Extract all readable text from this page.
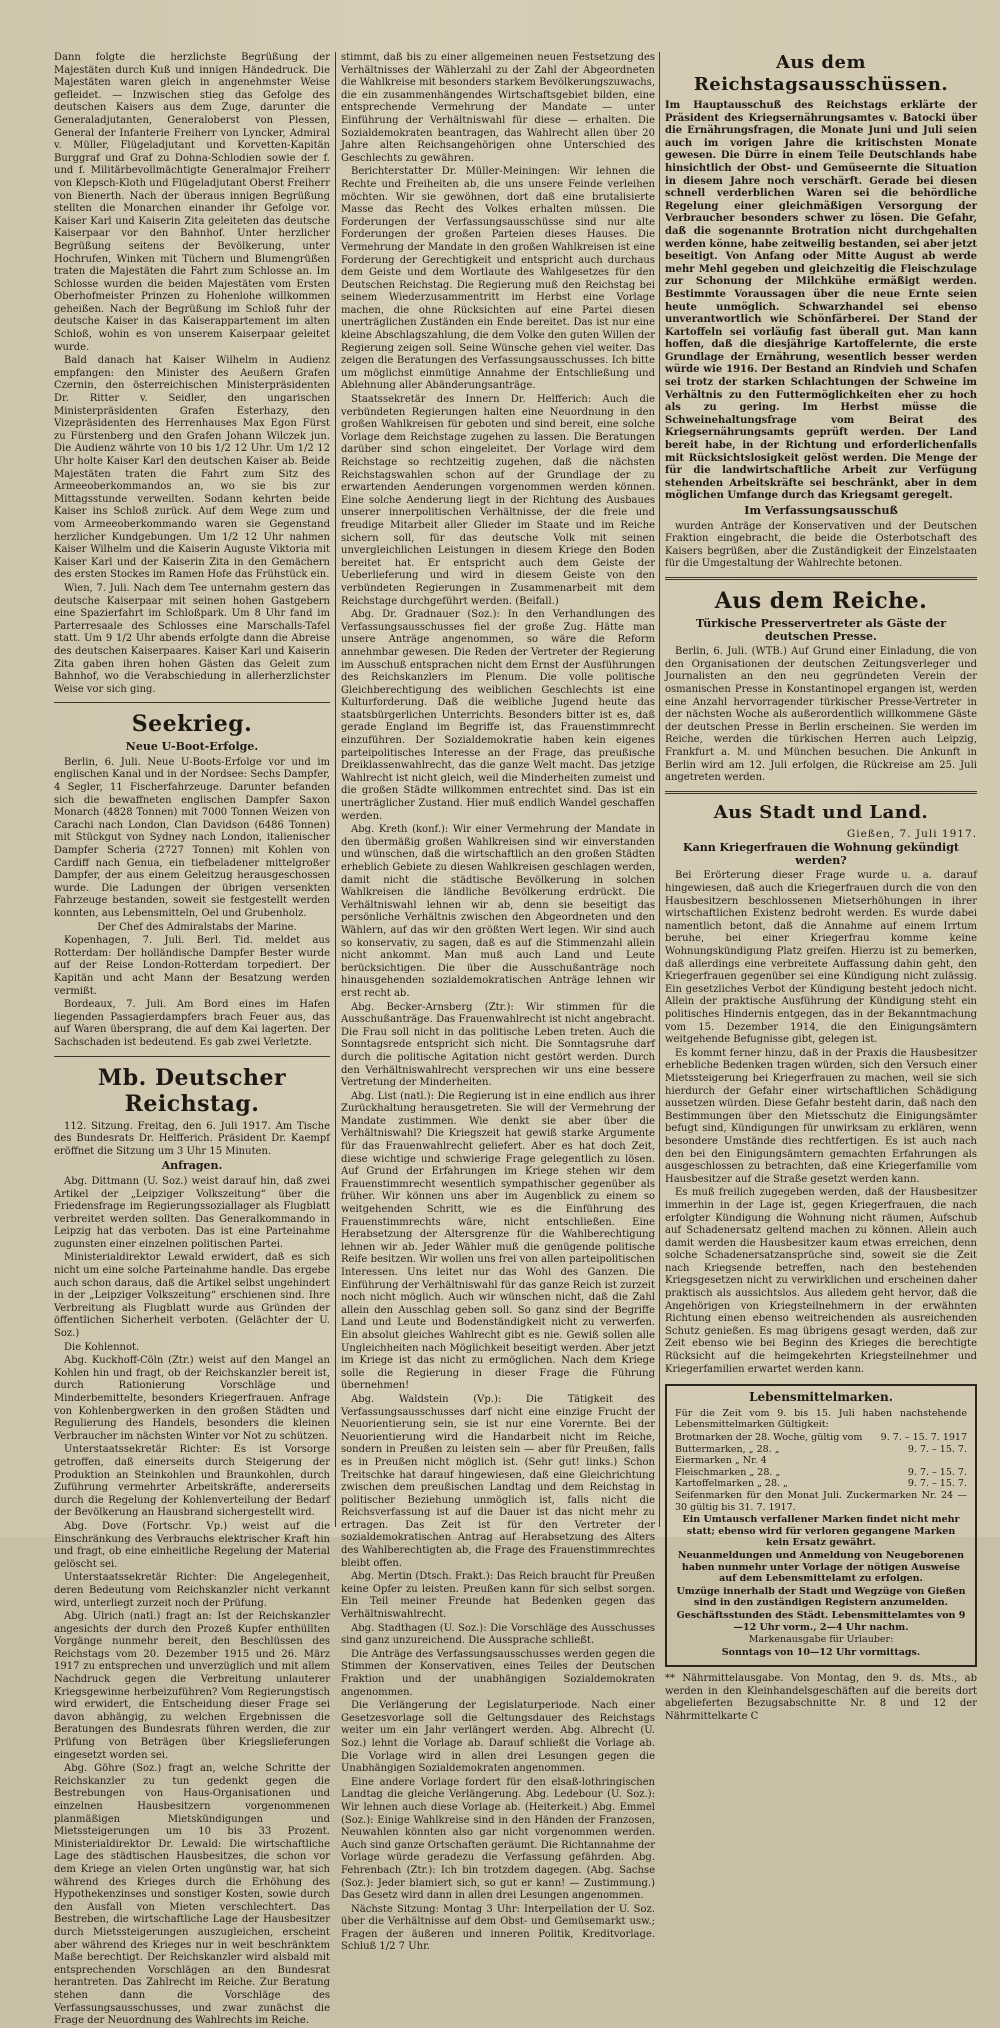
Dann folgte die herzlichste Begrüßung der Majestäten durch Kuß und innigen Händedruck. Die Majestäten waren gleich in angenehmster Weise gefleidet. — Inzwischen stieg das Gefolge des deutschen Kaisers aus dem Zuge, darunter die Generaladjutanten, Generaloberst von Plessen, General der Infanterie Freiherr von Lyncker, Admiral v. Müller, Flügeladjutant und Korvetten-Kapitän Burggraf und Graf zu Dohna-Schlodien sowie der f. und f. Militärbevollmächtigte Generalmajor Freiherr von Klepsch-Kloth und Flügeladjutant Oberst Freiherr von Bienerth. Nach der überaus innigen Begrüßung stellten die Monarchen einander ihr Gefolge vor. Kaiser Karl und Kaiserin Zita geleiteten das deutsche Kaiserpaar vor den Bahnhof. Unter herzlicher Begrüßung seitens der Bevölkerung, unter Hochrufen, Winken mit Tüchern und Blumengrüßen traten die Majestäten die Fahrt zum Schlosse an. Im Schlosse wurden die beiden Majestäten vom Ersten Oberhofmeister Prinzen zu Hohenlohe willkommen geheißen. Nach der Begrüßung im Schloß fuhr der deutsche Kaiser in das Kaiserappartement im alten Schloß, wohin es von unserem Kaiserpaar geleitet wurde.

Bald danach hat Kaiser Wilhelm in Audienz empfangen: den Minister des Aeußern Grafen Czernin, den österreichischen Ministerpräsidenten Dr. Ritter v. Seidler, den ungarischen Ministerpräsidenten Grafen Esterhazy, den Vizepräsidenten des Herrenhauses Max Egon Fürst zu Fürstenberg und den Grafen Johann Wilczek jun. Die Audienz währte von 10 bis 1/2 12 Uhr. Um 1/2 12 Uhr holte Kaiser Karl den deutschen Kaiser ab. Beide Majestäten traten die Fahrt zum Sitz des Armeeoberkommandos an, wo sie bis zur Mittagsstunde verweilten. Sodann kehrten beide Kaiser ins Schloß zurück. Auf dem Wege zum und vom Armeeoberkommando waren sie Gegenstand herzlicher Kundgebungen. Um 1/2 12 Uhr nahmen Kaiser Wilhelm und die Kaiserin Auguste Viktoria mit Kaiser Karl und der Kaiserin Zita in den Gemächern des ersten Stockes im Ramen Hofe das Frühstück ein.

Wien, 7. Juli. Nach dem Tee unternahm gestern das deutsche Kaiserpaar mit seinen hohen Gastgebern eine Spazierfahrt im Schloßpark. Um 8 Uhr fand im Parterresaale des Schlosses eine Marschalls-Tafel statt. Um 9 1/2 Uhr abends erfolgte dann die Abreise des deutschen Kaiserpaares. Kaiser Karl und Kaiserin Zita gaben ihren hohen Gästen das Geleit zum Bahnhof, wo die Verabschiedung in allerherzlichster Weise vor sich ging.

Seekrieg.
Neue U-Boot-Erfolge.

Berlin, 6. Juli. Neue U-Boots-Erfolge vor und im englischen Kanal und in der Nordsee: Sechs Dampfer, 4 Segler, 11 Fischerfahrzeuge. Darunter befanden sich die bewaffneten englischen Dampfer Saxon Monarch (4828 Tonnen) mit 7000 Tonnen Weizen von Carachi nach London, Clan Davidson (6486 Tonnen) mit Stückgut von Sydney nach London, italienischer Dampfer Scheria (2727 Tonnen) mit Kohlen von Cardiff nach Genua, ein tiefbeladener mittelgroßer Dampfer, der aus einem Geleitzug herausgeschossen wurde. Die Ladungen der übrigen versenkten Fahrzeuge bestanden, soweit sie festgestellt werden konnten, aus Lebensmitteln, Oel und Grubenholz.

Der Chef des Admiralstabs der Marine.

Kopenhagen, 7. Juli. Berl. Tid. meldet aus Rotterdam: Der holländische Dampfer Bester wurde auf der Reise London-Rotterdam torpediert. Der Kapitän und acht Mann der Besatzung werden vermißt.

Bordeaux, 7. Juli. Am Bord eines im Hafen liegenden Passagierdampfers brach Feuer aus, das auf Waren übersprang, die auf dem Kai lagerten. Der Sachschaden ist bedeutend. Es gab zwei Verletzte.

Mb. Deutscher Reichstag.

112. Sitzung. Freitag, den 6. Juli 1917. Am Tische des Bundesrats Dr. Helfferich. Präsident Dr. Kaempf eröffnet die Sitzung um 3 Uhr 15 Minuten.

Anfragen.

Abg. Dittmann (U. Soz.) weist darauf hin, daß zwei Artikel der „Leipziger Volkszeitung“ über die Friedensfrage im Regierungssoziallager als Flugblatt verbreitet werden sollten. Das Generalkommando in Leipzig hat das verboten. Das ist eine Parteinahme zugunsten einer einzelnen politischen Partei.

Ministerialdirektor Lewald erwidert, daß es sich nicht um eine solche Parteinahme handle. Das ergebe auch schon daraus, daß die Artikel selbst ungehindert in der „Leipziger Volkszeitung“ erschienen sind. Ihre Verbreitung als Flugblatt wurde aus Gründen der öffentlichen Sicherheit verboten. (Gelächter der U. Soz.)

Die Kohlennot.

Abg. Kuckhoff-Cöln (Ztr.) weist auf den Mangel an Kohlen hin und fragt, ob der Reichskanzler bereit ist, durch Rationierung Vorschläge und Minderbemittelte, besonders Kriegerfrauen. Anfrage von Kohlenbergwerken in den großen Städten und Regulierung des Handels, besonders die kleinen Verbraucher im nächsten Winter vor Not zu schützen.

Unterstaatssekretär Richter: Es ist Vorsorge getroffen, daß einerseits durch Steigerung der Produktion an Steinkohlen und Braunkohlen, durch Zuführung vermehrter Arbeitskräfte, andererseits durch die Regelung der Kohlenverteilung der Bedarf der Bevölkerung an Hausbrand sichergestellt wird.

Abg. Dove (Fortschr. Vp.) weist auf die Einschränkung des Verbrauchs elektrischer Kraft hin und fragt, ob eine einheitliche Regelung der Material gelöscht sei.

Unterstaatssekretär Richter: Die Angelegenheit, deren Bedeutung vom Reichskanzler nicht verkannt wird, unterliegt zurzeit noch der Prüfung.

Abg. Ulrich (natl.) fragt an: Ist der Reichskanzler angesichts der durch den Prozeß Kupfer enthüllten Vorgänge nunmehr bereit, den Beschlüssen des Reichstags vom 20. Dezember 1915 und 26. März 1917 zu entsprechen und unverzüglich und mit allem Nachdruck gegen die Verbreitung unlauterer Kriegsgewinne herbeizuführen? Vom Regierungstisch wird erwidert, die Entscheidung dieser Frage sei davon abhängig, zu welchen Ergebnissen die Beratungen des Bundesrats führen werden, die zur Prüfung von Beträgen über Kriegslieferungen eingesetzt worden sei.

Abg. Göhre (Soz.) fragt an, welche Schritte der Reichskanzler zu tun gedenkt gegen die Bestrebungen von Haus-Organisationen und einzelnen Hausbesitzern vorgenommenen planmäßigen Mietskündigungen und Mietssteigerungen um 10 bis 33 Prozent. Ministerialdirektor Dr. Lewald: Die wirtschaftliche Lage des städtischen Hausbesitzes, die schon vor dem Kriege an vielen Orten ungünstig war, hat sich während des Krieges durch die Erhöhung des Hypothekenzinses und sonstiger Kosten, sowie durch den Ausfall von Mieten verschlechtert. Das Bestreben, die wirtschaftliche Lage der Hausbesitzer durch Mietssteigerungen auszugleichen, erscheint aber während des Krieges nur in weit beschränktem Maße berechtigt. Der Reichskanzler wird alsbald mit entsprechenden Vorschlägen an den Bundesrat herantreten. Das Zahlrecht im Reiche. Zur Beratung stehen dann die Vorschläge des Verfassungsausschusses, und zwar zunächst die Frage der Neuordnung des Wahlrechts im Reiche.

stimmt, daß bis zu einer allgemeinen neuen Festsetzung des Verhältnisses der Wählerzahl zu der Zahl der Abgeordneten die Wahlkreise mit besonders starkem Bevölkerungszuwachs, die ein zusammenhängendes Wirtschaftsgebiet bilden, eine entsprechende Vermehrung der Mandate — unter Einführung der Verhältniswahl für diese — erhalten. Die Sozialdemokraten beantragen, das Wahlrecht allen über 20 Jahre alten Reichsangehörigen ohne Unterschied des Geschlechts zu gewähren.

Berichterstatter Dr. Müller-Meiningen: Wir lehnen die Rechte und Freiheiten ab, die uns unsere Feinde verleihen möchten. Wir sie gewöhnen, dort daß eine brutalisierte Masse das Recht des Volkes erhalten müssen. Die Forderungen der Verfassungsausschüsse sind nur alte Forderungen der großen Parteien dieses Hauses. Die Vermehrung der Mandate in den großen Wahlkreisen ist eine Forderung der Gerechtigkeit und entspricht auch durchaus dem Geiste und dem Wortlaute des Wahlgesetzes für den Deutschen Reichstag. Die Regierung muß den Reichstag bei seinem Wiederzusammentritt im Herbst eine Vorlage machen, die ohne Rücksichten auf eine Partei diesen unerträglichen Zuständen ein Ende bereitet. Das ist nur eine kleine Abschlagszahlung, die dem Volke den guten Willen der Regierung zeigen soll. Seine Wünsche gehen viel weiter. Das zeigen die Beratungen des Verfassungsausschusses. Ich bitte um möglichst einmütige Annahme der Entschließung und Ablehnung aller Abänderungsanträge.

Staatssekretär des Innern Dr. Helfferich: Auch die verbündeten Regierungen halten eine Neuordnung in den großen Wahlkreisen für geboten und sind bereit, eine solche Vorlage dem Reichstage zugehen zu lassen. Die Beratungen darüber sind schon eingeleitet. Der Vorlage wird dem Reichstage so rechtzeitig zugehen, daß die nächsten Reichstagswahlen schon auf der Grundlage der zu erwartenden Aenderungen vorgenommen werden können. Eine solche Aenderung liegt in der Richtung des Ausbaues unserer innerpolitischen Verhältnisse, der die freie und freudige Mitarbeit aller Glieder im Staate und im Reiche sichern soll, für das deutsche Volk mit seinen unvergleichlichen Leistungen in diesem Kriege den Boden bereitet hat. Er entspricht auch dem Geiste der Ueberlieferung und wird in diesem Geiste von den verbündeten Regierungen in Zusammenarbeit mit dem Reichstage durchgeführt werden. (Beifall.)

Abg. Dr. Gradnauer (Soz.): In den Verhandlungen des Verfassungsausschusses fiel der große Zug. Hätte man unsere Anträge angenommen, so wäre die Reform annehmbar gewesen. Die Reden der Vertreter der Regierung im Ausschuß entsprachen nicht dem Ernst der Ausführungen des Reichskanzlers im Plenum. Die volle politische Gleichberechtigung des weiblichen Geschlechts ist eine Kulturforderung. Daß die weibliche Jugend heute das staatsbürgerlichen Unterrichts. Besonders bitter ist es, daß gerade England im Begriffe ist, das Frauenstimmrecht einzuführen. Der Sozialdemokratie haben kein eigenes parteipolitisches Interesse an der Frage, das preußische Dreiklassenwahlrecht, das die ganze Welt macht. Das jetzige Wahlrecht ist nicht gleich, weil die Minderheiten zumeist und die großen Städte willkommen entrechtet sind. Das ist ein unerträglicher Zustand. Hier muß endlich Wandel geschaffen werden.

Abg. Kreth (konf.): Wir einer Vermehrung der Mandate in den übermäßig großen Wahlkreisen sind wir einverstanden und wünschen, daß die wirtschaftlich an den großen Städten erheblich Gebiete zu diesen Wahlkreisen geschlagen werden, damit nicht die städtische Bevölkerung in solchen Wahlkreisen die ländliche Bevölkerung erdrückt. Die Verhältniswahl lehnen wir ab, denn sie beseitigt das persönliche Verhältnis zwischen den Abgeordneten und den Wählern, auf das wir den größten Wert legen. Wir sind auch so konservativ, zu sagen, daß es auf die Stimmenzahl allein nicht ankommt. Man muß auch Land und Leute berücksichtigen. Die über die Ausschußanträge noch hinausgehenden sozialdemokratischen Anträge lehnen wir erst recht ab.

Abg. Becker-Arnsberg (Ztr.): Wir stimmen für die Ausschußanträge. Das Frauenwahlrecht ist nicht angebracht. Die Frau soll nicht in das politische Leben treten. Auch die Sonntagsrede entspricht sich nicht. Die Sonntagsruhe darf durch die politische Agitation nicht gestört werden. Durch den Verhältniswahlrecht versprechen wir uns eine bessere Vertretung der Minderheiten.

Abg. List (natl.): Die Regierung ist in eine endlich aus ihrer Zurückhaltung herausgetreten. Sie will der Vermehrung der Mandate zustimmen. Wie denkt sie aber über die Verhältniswahl? Die Kriegszeit hat gewiß starke Argumente für das Frauenwahlrecht geliefert. Aber es hat doch Zeit, diese wichtige und schwierige Frage gelegentlich zu lösen. Auf Grund der Erfahrungen im Kriege stehen wir dem Frauenstimmrecht wesentlich sympathischer gegenüber als früher. Wir können uns aber im Augenblick zu einem so weitgehenden Schritt, wie es die Einführung des Frauenstimmrechts wäre, nicht entschließen. Eine Herabsetzung der Altersgrenze für die Wahlberechtigung lehnen wir ab. Jeder Wähler muß die genügende politische Reife besitzen. Wir wollen uns frei von allen parteipolitischen Interessen. Uns leitet nur das Wohl des Ganzen. Die Einführung der Verhältniswahl für das ganze Reich ist zurzeit noch nicht möglich. Auch wir wünschen nicht, daß die Zahl allein den Ausschlag geben soll. So ganz sind der Begriffe Land und Leute und Bodenständigkeit nicht zu verwerfen. Ein absolut gleiches Wahlrecht gibt es nie. Gewiß sollen alle Ungleichheiten nach Möglichkeit beseitigt werden. Aber jetzt im Kriege ist das nicht zu ermöglichen. Nach dem Kriege solle die Regierung in dieser Frage die Führung übernehmen!

Abg. Waldstein (Vp.): Die Tätigkeit des Verfassungsausschusses darf nicht eine einzige Frucht der Neuorientierung sein, sie ist nur eine Vorernte. Bei der Neuorientierung wird die Handarbeit nicht im Reiche, sondern in Preußen zu leisten sein — aber für Preußen, falls es in Preußen nicht möglich ist. (Sehr gut! links.) Schon Treitschke hat darauf hingewiesen, daß eine Gleichrichtung zwischen dem preußischen Landtag und dem Reichstag in politischer Beziehung unmöglich ist, falls nicht die Reichsverfassung ist auf die Dauer ist das nicht mehr zu ertragen. Das Zeit ist für den Vertreter der sozialdemokratischen Antrag auf Herabsetzung des Alters des Wahlberechtigten ab, die Frage des Frauenstimmrechtes bleibt offen.

Abg. Mertin (Dtsch. Frakt.): Das Reich braucht für Preußen keine Opfer zu leisten. Preußen kann für sich selbst sorgen. Ein Teil meiner Freunde hat Bedenken gegen das Verhältniswahlrecht.

Abg. Stadthagen (U. Soz.): Die Vorschläge des Ausschusses sind ganz unzureichend. Die Aussprache schließt.

Die Anträge des Verfassungsausschusses werden gegen die Stimmen der Konservativen, eines Teiles der Deutschen Fraktion und der unabhängigen Sozialdemokraten angenommen.

Die Verlängerung der Legislaturperiode. Nach einer Gesetzesvorlage soll die Geltungsdauer des Reichstags weiter um ein Jahr verlängert werden. Abg. Albrecht (U. Soz.) lehnt die Vorlage ab. Darauf schließt die Vorlage ab. Die Vorlage wird in allen drei Lesungen gegen die Unabhängigen Sozialdemokraten angenommen.

Eine andere Vorlage fordert für den elsaß-lothringischen Landtag die gleiche Verlängerung. Abg. Ledebour (U. Soz.): Wir lehnen auch diese Vorlage ab. (Heiterkeit.) Abg. Emmel (Soz.): Einige Wahlkreise sind in den Händen der Franzosen, Neuwahlen könnten also gar nicht vorgenommen werden. Auch sind ganze Ortschaften geräumt. Die Richtannahme der Vorlage würde geradezu die Verfassung gefährden. Abg. Fehrenbach (Ztr.): Ich bin trotzdem dagegen. (Abg. Sachse (Soz.): Jeder blamiert sich, so gut er kann! — Zustimmung.) Das Gesetz wird dann in allen drei Lesungen angenommen.

Nächste Sitzung: Montag 3 Uhr: Interpellation der U. Soz. über die Verhältnisse auf dem Obst- und Gemüsemarkt usw.; Fragen der äußeren und inneren Politik, Kreditvorlage. Schluß 1/2 7 Uhr.

Aus dem Reichstagsausschüssen.

Im Hauptausschuß des Reichstags erklärte der Präsident des Kriegsernährungsamtes v. Batocki über die Ernährungsfragen, die Monate Juni und Juli seien auch im vorigen Jahre die kritischsten Monate gewesen. Die Dürre in einem Teile Deutschlands habe hinsichtlich der Obst- und Gemüseernte die Situation in diesem Jahre noch verschärft. Gerade bei diesen schnell verderblichen Waren sei die behördliche Regelung einer gleichmäßigen Versorgung der Verbraucher besonders schwer zu lösen. Die Gefahr, daß die sogenannte Brotration nicht durchgehalten werden könne, habe zeitweilig bestanden, sei aber jetzt beseitigt. Von Anfang oder Mitte August ab werde mehr Mehl gegeben und gleichzeitig die Fleischzulage zur Schonung der Milchkühe ermäßigt werden. Bestimmte Voraussagen über die neue Ernte seien heute unmöglich. Schwarzhandel sei ebenso unverantwortlich wie Schönfärberei. Der Stand der Kartoffeln sei vorläufig fast überall gut. Man kann hoffen, daß die diesjährige Kartoffelernte, die erste Grundlage der Ernährung, wesentlich besser werden würde wie 1916. Der Bestand an Rindvieh und Schafen sei trotz der starken Schlachtungen der Schweine im Verhältnis zu den Futtermöglichkeiten eher zu hoch als zu gering. Im Herbst müsse die Schweinehaltungsfrage vom Beirat des Kriegsernährungsamts geprüft werden. Der Land bereit habe, in der Richtung und erforderlichenfalls mit Rücksichtslosigkeit gelöst werden. Die Menge der für die landwirtschaftliche Arbeit zur Verfügung stehenden Arbeitskräfte sei beschränkt, aber in dem möglichen Umfange durch das Kriegsamt geregelt.

Im Verfassungsausschuß

wurden Anträge der Konservativen und der Deutschen Fraktion eingebracht, die beide die Osterbotschaft des Kaisers begrüßen, aber die Zuständigkeit der Einzelstaaten für die Umgestaltung der Wahlrechte betonen.

Aus dem Reiche.
Türkische Presservertreter als Gäste der deutschen Presse.

Berlin, 6. Juli. (WTB.) Auf Grund einer Einladung, die von den Organisationen der deutschen Zeitungsverleger und Journalisten an den neu gegründeten Verein der osmanischen Presse in Konstantinopel ergangen ist, werden eine Anzahl hervorragender türkischer Presse-Vertreter in der nächsten Woche als außerordentlich willkommene Gäste der deutschen Presse in Berlin erscheinen. Sie werden im Reiche, werden die türkischen Herren auch Leipzig, Frankfurt a. M. und München besuchen. Die Ankunft in Berlin wird am 12. Juli erfolgen, die Rückreise am 25. Juli angetreten werden.

Aus Stadt und Land.
Gießen, 7. Juli 1917.
Kann Kriegerfrauen die Wohnung gekündigt werden?

Bei Erörterung dieser Frage wurde u. a. darauf hingewiesen, daß auch die Kriegerfrauen durch die von den Hausbesitzern beschlossenen Mietserhöhungen in ihrer wirtschaftlichen Existenz bedroht werden. Es wurde dabei namentlich betont, daß die Annahme auf einem Irrtum beruhe, bei einer Kriegerfrau komme keine Wohnungskündigung Platz greifen. Hierzu ist zu bemerken, daß allerdings eine verbreitete Auffassung dahin geht, den Kriegerfrauen gegenüber sei eine Kündigung nicht zulässig. Ein gesetzliches Verbot der Kündigung besteht jedoch nicht. Allein der praktische Ausführung der Kündigung steht ein politisches Hindernis entgegen, das in der Bekanntmachung vom 15. Dezember 1914, die den Einigungsämtern weitgehende Befugnisse gibt, gelegen ist.

Es kommt ferner hinzu, daß in der Praxis die Hausbesitzer erhebliche Bedenken tragen würden, sich den Versuch einer Mietssteigerung bei Kriegerfrauen zu machen, weil sie sich hierdurch der Gefahr einer wirtschaftlichen Schädigung aussetzen würden. Diese Gefahr besteht darin, daß nach den Bestimmungen über den Mietsschutz die Einigungsämter befugt sind, Kündigungen für unwirksam zu erklären, wenn besondere Umstände dies rechtfertigen. Es ist auch nach den bei den Einigungsämtern gemachten Erfahrungen als ausgeschlossen zu betrachten, daß eine Kriegerfamilie vom Hausbesitzer auf die Straße gesetzt werden kann.

Es muß freilich zugegeben werden, daß der Hausbesitzer immerhin in der Lage ist, gegen Kriegerfrauen, die nach erfolgter Kündigung die Wohnung nicht räumen, Aufschub auf Schadenersatz geltend machen zu können. Allein auch damit werden die Hausbesitzer kaum etwas erreichen, denn solche Schadenersatzansprüche sind, soweit sie die Zeit nach Kriegsende betreffen, nach den bestehenden Kriegsgesetzen nicht zu verwirklichen und erscheinen daher praktisch als aussichtslos. Aus alledem geht hervor, daß die Angehörigen von Kriegsteilnehmern in der erwähnten Richtung einen ebenso weitreichenden als ausreichenden Schutz genießen. Es mag übrigens gesagt werden, daß zur Zeit ebenso wie bei Beginn des Krieges die berechtigte Rücksicht auf die heimgekehrten Kriegsteilnehmer und Kriegerfamilien erwartet werden kann.

Lebensmittelmarken.

Für die Zeit vom 9. bis 15. Juli haben nachstehende Lebensmittelmarken Gültigkeit:

Brotmarken der 28. Woche, gültig vom	9. 7. – 15. 7. 1917
Buttermarken, „ 28. „	9. 7. – 15. 7.
Eiermarken „ Nr. 4
Fleischmarken „ 28. „	9. 7. – 15. 7.
Kartoffelmarken „ 28. „	9. 7. – 15. 7.

Seifenmarken für den Monat Juli. Zuckermarken Nr. 24 — 30 gültig bis 31. 7. 1917.

Ein Umtausch verfallener Marken findet nicht mehr statt; ebenso wird für verloren gegangene Marken kein Ersatz gewährt.

Neuanmeldungen und Anmeldung von Neugeborenen haben nunmehr unter Vorlage der nötigen Ausweise auf dem Lebensmittelamt zu erfolgen.

Umzüge innerhalb der Stadt und Wegzüge von Gießen sind in den zuständigen Registern anzumelden.

Geschäftsstunden des Städt. Lebensmittelamtes von 9—12 Uhr vorm., 2—4 Uhr nachm.

Markenausgabe für Urlauber:

Sonntags von 10—12 Uhr vormittags.

** Nährmittelausgabe. Von Montag, den 9. ds. Mts., ab werden in den Kleinhandelsgeschäften auf die bereits dort abgelieferten Bezugsabschnitte Nr. 8 und 12 der Nährmittelkarte C
